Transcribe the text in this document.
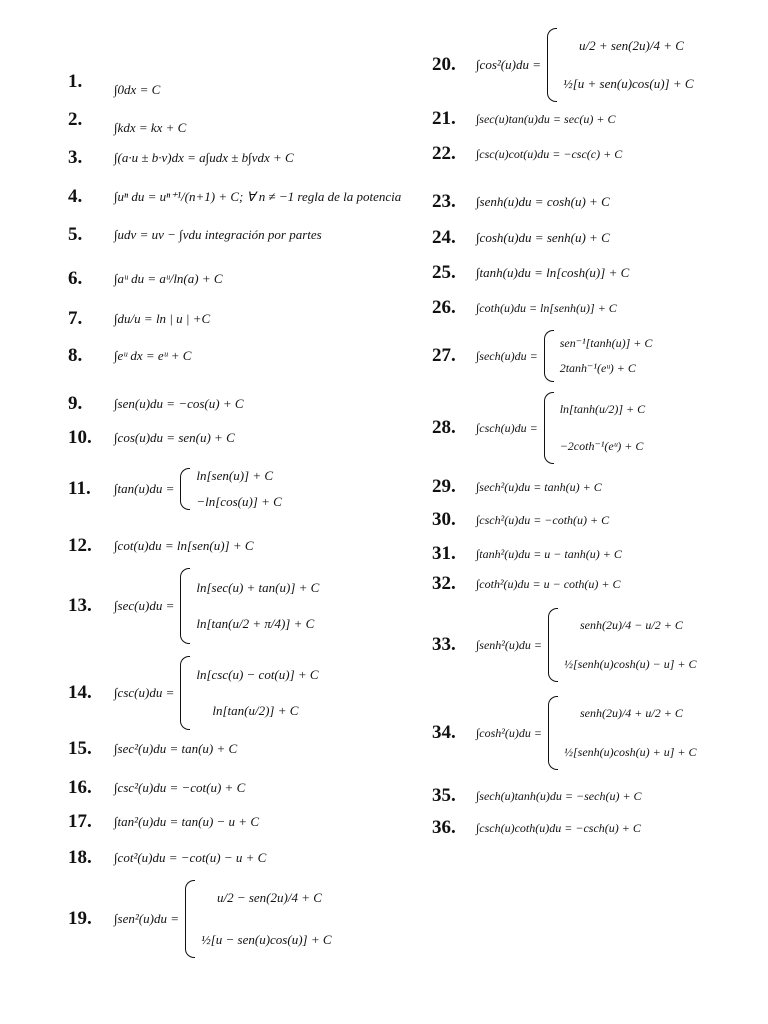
1.	∫0dx = C
2.	∫kdx = kx + C
3.	∫(a·u ± b·v)dx = a∫udx ± b∫vdx + C
4.	∫uⁿ du = uⁿ⁺¹/(n+1) + C; ∀ n ≠ −1 regla de la potencia
5.	∫udv = uv − ∫vdu integración por partes
6.	∫aᵘ du = aᵘ/ln(a) + C
7.	∫du/u = ln | u | +C
8.	∫eᵘ dx = eᵘ + C
9.	∫sen(u)du = −cos(u) + C
10.	∫cos(u)du = sen(u) + C
11.	∫tan(u)du =
ln[sen(u)] + C
−ln[cos(u)] + C
12.	∫cot(u)du = ln[sen(u)] + C
13.	∫sec(u)du =
ln[sec(u) + tan(u)] + C
ln[tan(u/2 + π/4)] + C
14.	∫csc(u)du =
ln[csc(u) − cot(u)] + C
ln[tan(u/2)] + C
15.	∫sec²(u)du = tan(u) + C
16.	∫csc²(u)du = −cot(u) + C
17.	∫tan²(u)du = tan(u) − u + C
18.	∫cot²(u)du = −cot(u) − u + C
19.	∫sen²(u)du =
u/2 − sen(2u)/4 + C
½[u − sen(u)cos(u)] + C
20.	∫cos²(u)du =
u/2 + sen(2u)/4 + C
½[u + sen(u)cos(u)] + C
21.	∫sec(u)tan(u)du = sec(u) + C
22.	∫csc(u)cot(u)du = −csc(c) + C
23.	∫senh(u)du = cosh(u) + C
24.	∫cosh(u)du = senh(u) + C
25.	∫tanh(u)du = ln[cosh(u)] + C
26.	∫coth(u)du = ln[senh(u)] + C
27.	∫sech(u)du =
sen⁻¹[tanh(u)] + C
2tanh⁻¹(eᵘ) + C
28.	∫csch(u)du =
ln[tanh(u/2)] + C
−2coth⁻¹(eᵘ) + C
29.	∫sech²(u)du = tanh(u) + C
30.	∫csch²(u)du = −coth(u) + C
31.	∫tanh²(u)du = u − tanh(u) + C
32.	∫coth²(u)du = u − coth(u) + C
33.	∫senh²(u)du =
senh(2u)/4 − u/2 + C
½[senh(u)cosh(u) − u] + C
34.	∫cosh²(u)du =
senh(2u)/4 + u/2 + C
½[senh(u)cosh(u) + u] + C
35.	∫sech(u)tanh(u)du = −sech(u) + C
36.	∫csch(u)coth(u)du = −csch(u) + C
